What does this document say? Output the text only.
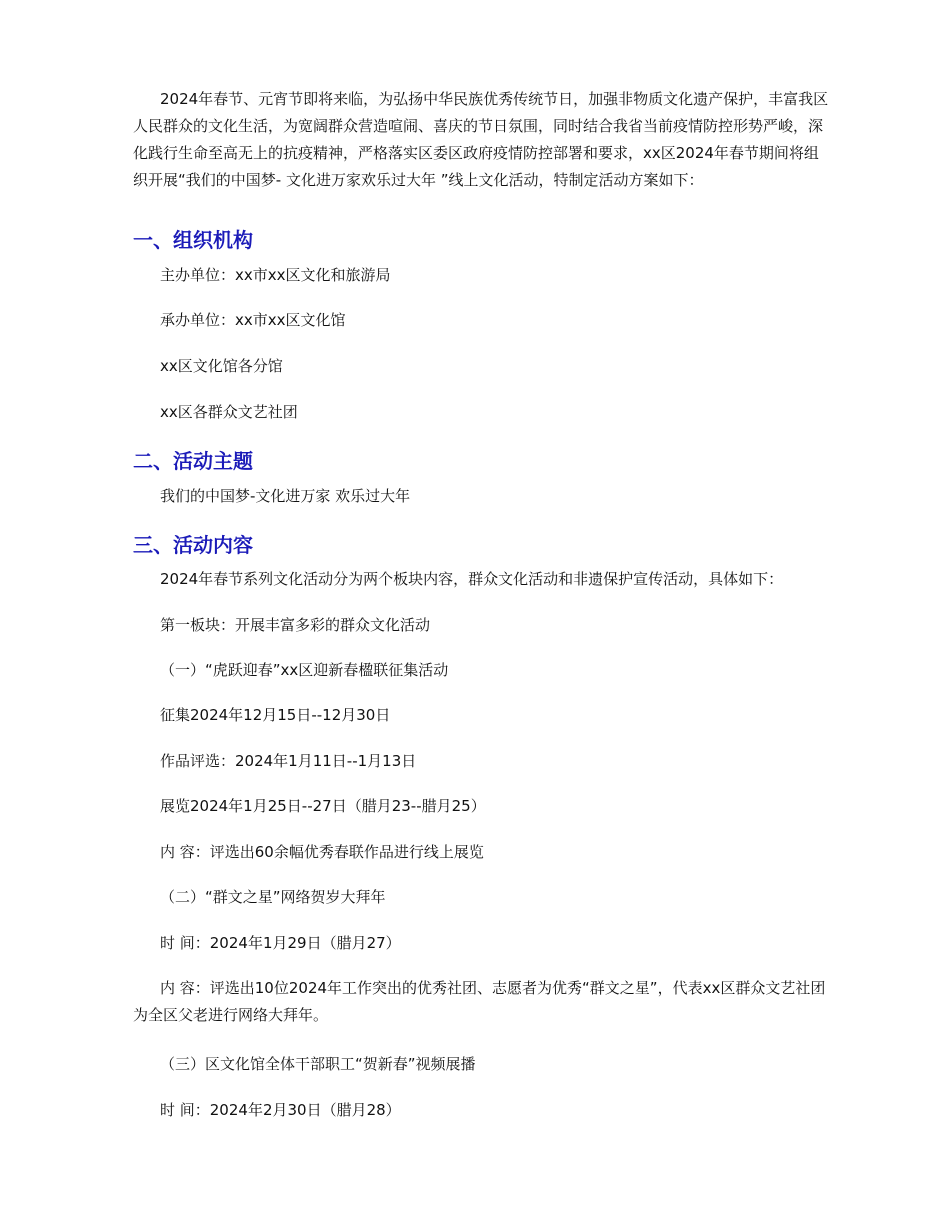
2024年春节、元宵节即将来临，为弘扬中华民族优秀传统节日，加强非物质文化遗产保护，丰富我区人民群众的文化生活，为宽阔群众营造喧闹、喜庆的节日氛围，同时结合我省当前疫情防控形势严峻，深化践行生命至高无上的抗疫精神，严格落实区委区政府疫情防控部署和要求，xx区2024年春节期间将组织开展“我们的中国梦- 文化进万家欢乐过大年 ”线上文化活动，特制定活动方案如下：

一、组织机构

主办单位：xx市xx区文化和旅游局

承办单位：xx市xx区文化馆

xx区文化馆各分馆

xx区各群众文艺社团

二、活动主题

我们的中国梦-文化进万家 欢乐过大年

三、活动内容

2024年春节系列文化活动分为两个板块内容，群众文化活动和非遗保护宣传活动，具体如下：

第一板块：开展丰富多彩的群众文化活动

（一）“虎跃迎春”xx区迎新春楹联征集活动

征集2024年12月15日--12月30日

作品评选：2024年1月11日--1月13日

展览2024年1月25日--27日（腊月23--腊月25）

内 容：评选出60余幅优秀春联作品进行线上展览

（二）“群文之星”网络贺岁大拜年

时 间：2024年1月29日（腊月27）

内 容：评选出10位2024年工作突出的优秀社团、志愿者为优秀“群文之星”，代表xx区群众文艺社团为全区父老进行网络大拜年。

（三）区文化馆全体干部职工“贺新春”视频展播

时 间：2024年2月30日（腊月28）
